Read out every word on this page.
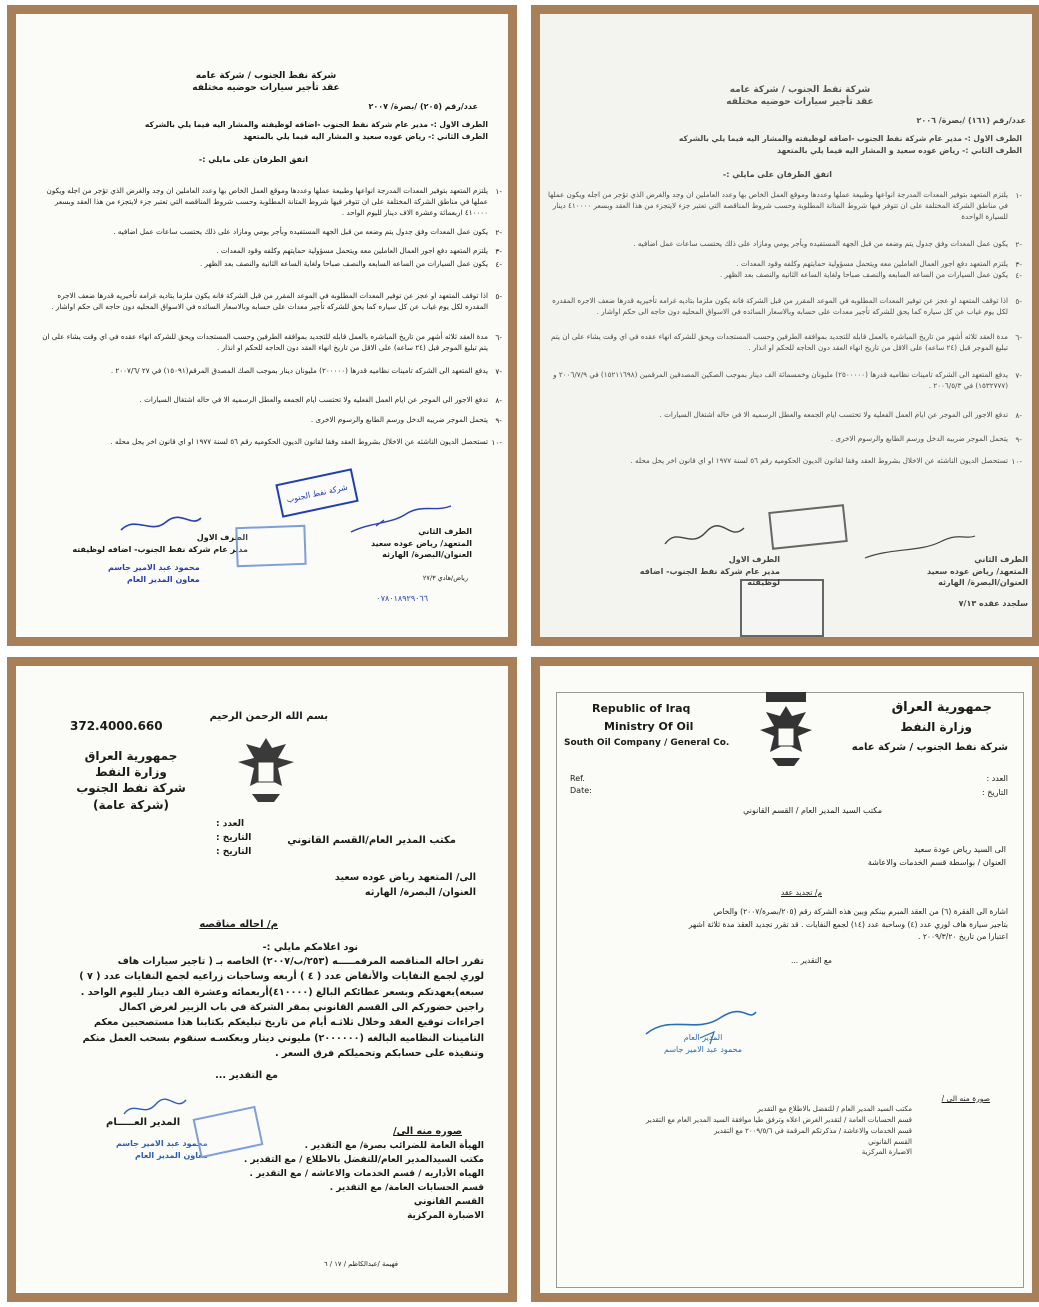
شركة نفط الجنوب / شركة عامه
عقد تأجير سيارات حوضيه مختلفه
عدد/رقم (٢٠٥) /بصرة/ ٢٠٠٧
الطرف الاول :- مدير عام شركة نفط الجنوب -اضافه لوظيفته والمشار اليه فيما يلي بالشركه
الطرف الثاني :- رياض عوده سعيد و المشار اليه فيما يلي بالمتعهد
اتفق الطرفان على مايلي :-
-١
يلتزم المتعهد بتوفير المعدات المدرجة انواعها وطبيعة عملها وعددها وموقع العمل الخاص بها وعدد العاملين ان وجد والغرض الذي تؤجر من اجله ويكون عملها في مناطق الشركة المختلفة على ان تتوفر فيها شروط المتانة المطلوبة وحسب شروط المناقصه التي تعتبر جزء لايتجزء من هذا العقد وبسعر ٤١٠٠٠٠ اربعمائة وعشرة الاف دينار لليوم الواحد .
-٢
يكون عمل المعدات وفق جدول يتم وضعه من قبل الجهه المستفيده وبأجر يومي ومازاد على ذلك يحتسب ساعات عمل اضافيه .
-٣
يلتزم المتعهد دفع اجور العمال العاملين معه ويتحمل مسؤولية حمايتهم وكلفه وقود المعدات .
-٤
يكون عمل السيارات من الساعه السابعه والنصف صباحا ولغاية الساعه الثانيه والنصف بعد الظهر .
-٥
اذا توقف المتعهد او عجز عن توفير المعدات المطلوبه في الموعد المقرر من قبل الشركة فانه يكون ملزما بتاديه غرامه تأخيريه قدرها ضعف الاجره المقدره لكل يوم غياب عن كل سياره كما يحق للشركه تأجير معدات على حسابه وبالاسعار السائده في الاسواق المحليه دون حاجه الى حكم اواشار .
-٦
مدة العقد ثلاثه أشهر من تاريخ المباشره بالعمل قابله للتجديد بموافقه الطرفين وحسب المستجدات ويحق للشركه انهاء عقده في اي وقت يشاء على ان يتم تبليغ الموجر قبل (٢٤ ساعه) على الاقل من تاريخ انهاء العقد دون الحاجه للحكم او انذار .
-٧
يدفع المتعهد الى الشركه تامينات نظاميه قدرها (٢٠٠٠٠٠) مليونان دينار بموجب الصك المصدق المرقم(١٥٠٩١) في ٢٧ /٢٠٠٧/٦ .
-٨
تدفع الاجور الى الموجر عن ايام العمل الفعليه ولا تحتسب ايام الجمعه والعطل الرسميه الا في حاله اشتغال السيارات .
-٩
يتحمل الموجر ضريبه الدخل ورسم الطابع والرسوم الاخرى .
-١٠
تستحصل الديون الناشئه عن الاخلال بشروط العقد وفقا لقانون الديون الحكوميه رقم ٥٦ لسنة ١٩٧٧ او اي قانون اخر يحل محله .
شركة نفط الجنوب
الطرف الثاني
المتعهد/ رياض عوده سعيد
العنوان/البصرة/ الهارثه
رياض/هادي ٢٧/٣
٠٧٨٠١٨٩٢٩٠٦٦
الطرف الاول
مدير عام شركة نفط الجنوب- اضافه لوظيفته
محمود عبد الامير جاسم
معاون المدير العام
شركة نفط الجنوب / شركة عامه
عقد تأجير سيارات حوضيه مختلفه
عدد/رقم (١٦١) /بصرة/ ٢٠٠٦
الطرف الاول :- مدير عام شركة نفط الجنوب -اضافه لوظيفته والمشار اليه فيما يلي بالشركه
الطرف الثاني :- رياض عوده سعيد و المشار اليه فيما يلي بالمتعهد
اتفق الطرفان على مايلي :-
-١
يلتزم المتعهد بتوفير المعدات المدرجة انواعها وطبيعة عملها وعددها وموقع العمل الخاص بها وعدد العاملين ان وجد والغرض الذي تؤجر من اجله ويكون عملها في مناطق الشركة المختلفة على ان تتوفر فيها شروط المتانة المطلوبة وحسب شروط المناقصه التي تعتبر جزء لايتجزء من هذا العقد وبسعر ٤١٠٠٠٠ دينار للسيارة الواحدة
-٢
يكون عمل المعدات وفق جدول يتم وضعه من قبل الجهه المستفيده وبأجر يومي ومازاد على ذلك يحتسب ساعات عمل اضافيه .
-٣
يلتزم المتعهد دفع اجور العمال العاملين معه ويتحمل مسؤولية حمايتهم وكلفه وقود المعدات .
-٤
يكون عمل السيارات من الساعه السابعه والنصف صباحا ولغاية الساعه الثانيه والنصف بعد الظهر .
-٥
اذا توقف المتعهد او عجز عن توفير المعدات المطلوبه في الموعد المقرر من قبل الشركة فانه يكون ملزما بتاديه غرامه تأخيريه قدرها ضعف الاجره المقدره لكل يوم غياب عن كل سياره كما يحق للشركه تأجير معدات على حسابه وبالاسعار السائده في الاسواق المحليه دون حاجه الى حكم اواشار .
-٦
مدة العقد ثلاثه أشهر من تاريخ المباشره بالعمل قابله للتجديد بموافقه الطرفين وحسب المستجدات ويحق للشركه انهاء عقده في اي وقت يشاء على ان يتم تبليغ الموجر قبل (٢٤ ساعه) على الاقل من تاريخ انهاء العقد دون الحاجه للحكم او انذار .
-٧
يدفع المتعهد الى الشركه تامينات نظاميه قدرها (٢٥٠٠٠٠٠) مليونان وخمسمائة الف دينار بموجب الصكين المصدقين المرقمين (١٥٢١١٦٩٨) في ٢٠٠٦/٧/٩ و (١٥٣٢٧٧٧) في ٢٠٠٦/٥/٣ .
-٨
تدفع الاجور الى الموجر عن ايام العمل الفعليه ولا تحتسب ايام الجمعه والعطل الرسميه الا في حاله اشتغال السيارات .
-٩
يتحمل الموجر ضريبه الدخل ورسم الطابع والرسوم الاخرى .
-١٠
تستحصل الديون الناشئه عن الاخلال بشروط العقد وفقا لقانون الديون الحكوميه رقم ٥٦ لسنة ١٩٧٧ او اي قانون اخر يحل محله .
الطرف الثاني
المتعهد/ رياض عوده سعيد
العنوان/البصرة/ الهارثه
سلجدد عقده ٧/١٣
الطرف الاول
مدير عام شركة نفط الجنوب- اضافه لوظيفته
بسم الله الرحمن الرحيم
372.4000.660
جمهورية العراق
وزارة النفط
شركة نفط الجنوب (شركة عامة)
العدد :
التاريخ :
التاريخ :
مكتب المدير العام/القسم القانوني
الى/ المتعهد رياض عوده سعيد
العنوان/ البصرة/ الهارثه
م/ احاله مناقصه
نود اعلامكم مايلي :-
تقرر احاله المناقصه المرقمـــــه (٢٥٣/ب/٢٠٠٧) الخاصه بـ ( تاجير سيارات هاف
لوري لجمع النفايات والأنقاض عدد ( ٤ ) أربعه وساحبات زراعيه لجمع النفايات عدد ( ٧ )
سبعه)بعهدتكم وبسعر عطائكم البالغ (٤١٠٠٠٠)أربعمائه وعشرة الف دينار لليوم الواحد .
راجين حضوركم الى القسم القانوني بمقر الشركة في باب الزبير لغرض اكمال
اجراءات توقيع العقد وخلال ثلاثـه أيام من تاريخ تبليغكم بكتابنا هذا مستصحبين معكم
التامينات النظاميه البالغه (٢٠٠٠٠٠٠) مليوني دينار وبعكسـه سنقوم بسحب العمل منكم
وتنفيذه على حسابكم وتحميلكم فرق السعر .
مع التقدير ...
المدير العـــــام
محمود عبد الامير جاسم
معاون المدير العام
صوره منه الى/
الهيأة العامة للضرائب بصرة/ مع التقدير .
مكتب السيدالمدير العام/للتفضل بالاطلاع / مع التقدير .
الهياه الأداريه / قسم الخدمات والاعاشه / مع التقدير .
قسم الحسابات العامة/ مع التقدير .
القسم القانوني
الاضبارة المركزية
فهيمة /عبدالكاظم / ١٧ / ٦
Republic of Iraq
Ministry Of Oil
South Oil Company / General Co.
جمهورية العراق
وزارة النفط
شركة نفط الجنوب / شركة عامه
Ref.
Date:
العدد :
التاريخ :
مكتب السيد المدير العام / القسم القانوني
الى السيد رياض عودة سعيد
العنوان / بواسطة قسم الخدمات والاعاشة
م/ تجديد عقد
اشارة الى الفقرة (٦) من العقد المبرم بينكم وبين هذه الشركة رقم (٢٠٥/بصرة/٢٠٠٧) والخاص
بتاجير سيارة هاف لوري عدد (٤) وساحبة عدد (١٤) لجمع النفايات . قد تقرر تجديد العقد مدة ثلاثة اشهر
اعتبارا من تاريخ ٢٠٠٩/٣/٢٠ .
مع التقدير ...
المدير العام
محمود عبد الامير جاسم
صورة منه الى /
مكتب السيد المدير العام / للتفضل بالاطلاع مع التقدير
قسم الحسابات العامة / لتقدير الغرض اعلاه وترفق طيا موافقة السيد المدير العام مع التقدير
قسم الخدمات والاعاشة / مذكرتكم المرقمة في ٢٠٠٩/٥/٦ مع التقدير
القسم القانوني
الاضبارة المركزية
